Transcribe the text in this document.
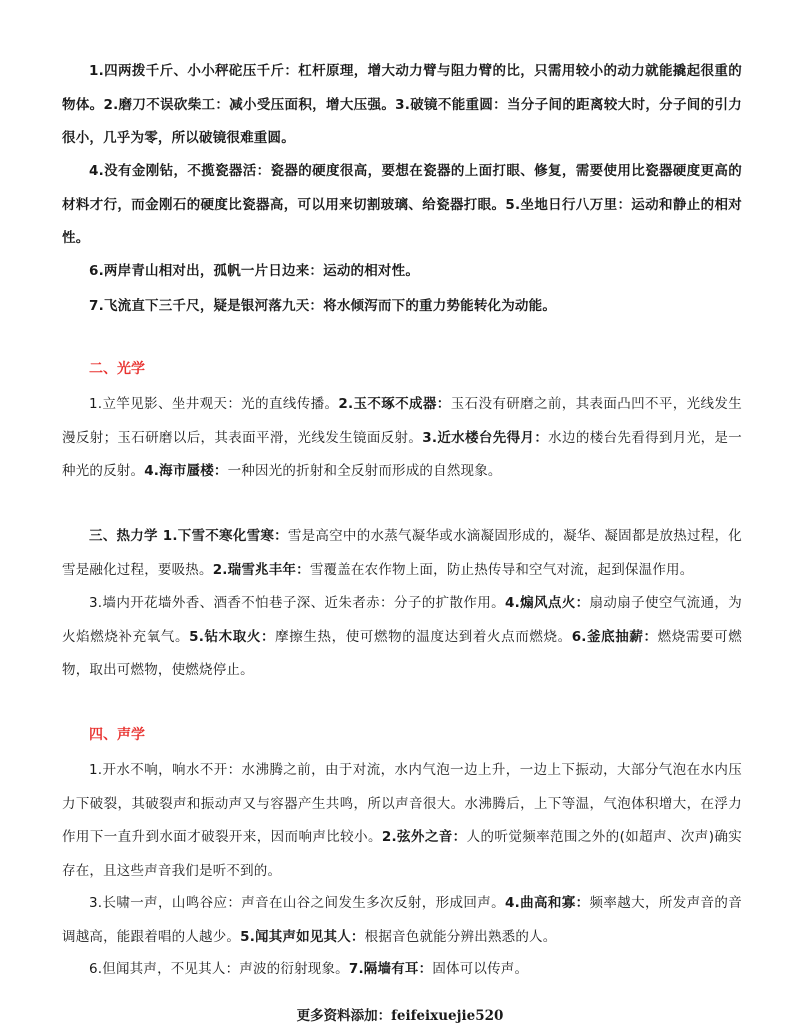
1.四两拨千斤、小小秤砣压千斤：杠杆原理，增大动力臂与阻力臂的比，只需用较小的动力就能撬起很重的物体。2.磨刀不误砍柴工：减小受压面积，增大压强。3.破镜不能重圆：当分子间的距离较大时，分子间的引力很小，几乎为零，所以破镜很难重圆。

4.没有金刚钻，不揽瓷器活：瓷器的硬度很高，要想在瓷器的上面打眼、修复，需要使用比瓷器硬度更高的材料才行，而金刚石的硬度比瓷器高，可以用来切割玻璃、给瓷器打眼。5.坐地日行八万里：运动和静止的相对性。

6.两岸青山相对出，孤帆一片日边来：运动的相对性。

7.飞流直下三千尺，疑是银河落九天：将水倾泻而下的重力势能转化为动能。

二、光学

1.立竿见影、坐井观天：光的直线传播。2.玉不琢不成器：玉石没有研磨之前，其表面凸凹不平，光线发生漫反射；玉石研磨以后，其表面平滑，光线发生镜面反射。3.近水楼台先得月：水边的楼台先看得到月光，是一种光的反射。4.海市蜃楼：一种因光的折射和全反射而形成的自然现象。

三、热力学 1.下雪不寒化雪寒：雪是高空中的水蒸气凝华或水滴凝固形成的，凝华、凝固都是放热过程，化雪是融化过程，要吸热。2.瑞雪兆丰年：雪覆盖在农作物上面，防止热传导和空气对流，起到保温作用。

3.墙内开花墙外香、酒香不怕巷子深、近朱者赤：分子的扩散作用。4.煽风点火：扇动扇子使空气流通，为火焰燃烧补充氧气。5.钻木取火：摩擦生热，使可燃物的温度达到着火点而燃烧。6.釜底抽薪：燃烧需要可燃物，取出可燃物，使燃烧停止。

四、声学

1.开水不响，响水不开：水沸腾之前，由于对流，水内气泡一边上升，一边上下振动，大部分气泡在水内压力下破裂，其破裂声和振动声又与容器产生共鸣，所以声音很大。水沸腾后，上下等温，气泡体积增大，在浮力作用下一直升到水面才破裂开来，因而响声比较小。2.弦外之音：人的听觉频率范围之外的(如超声、次声)确实存在，且这些声音我们是听不到的。

3.长啸一声，山鸣谷应：声音在山谷之间发生多次反射，形成回声。4.曲高和寡：频率越大，所发声音的音调越高，能跟着唱的人越少。5.闻其声如见其人：根据音色就能分辨出熟悉的人。

6.但闻其声，不见其人：声波的衍射现象。7.隔墙有耳：固体可以传声。

更多资料添加：feifeixuejie520
